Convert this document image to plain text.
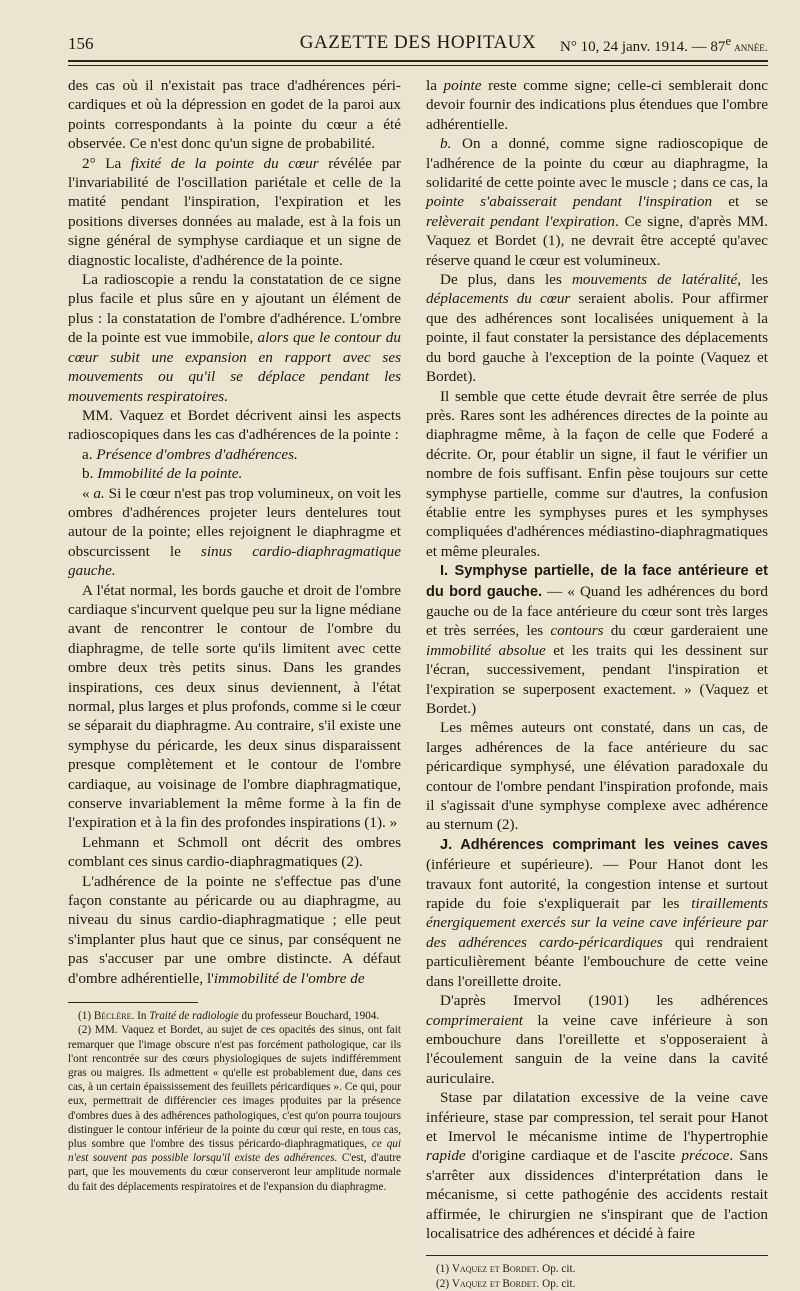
156	GAZETTE DES HOPITAUX	N° 10, 24 janv. 1914. — 87e année.

des cas où il n'existait pas trace d'adhérences péri-cardiques et où la dépression en godet de la paroi aux points correspondants à la pointe du cœur a été observée. Ce n'est donc qu'un signe de probabilité.

2° La fixité de la pointe du cœur révélée par l'invariabilité de l'oscillation pariétale et celle de la matité pendant l'inspiration, l'expiration et les positions diverses données au malade, est à la fois un signe général de symphyse cardiaque et un signe de diagnostic localiste, d'adhérence de la pointe.

La radioscopie a rendu la constatation de ce signe plus facile et plus sûre en y ajoutant un élément de plus : la constatation de l'ombre d'adhérence. L'ombre de la pointe est vue immobile, alors que le contour du cœur subit une expansion en rapport avec ses mouvements ou qu'il se déplace pendant les mouvements respiratoires.

MM. Vaquez et Bordet décrivent ainsi les aspects radioscopiques dans les cas d'adhérences de la pointe :

a. Présence d'ombres d'adhérences.

b. Immobilité de la pointe.

« a. Si le cœur n'est pas trop volumineux, on voit les ombres d'adhérences projeter leurs dentelures tout autour de la pointe; elles rejoignent le diaphragme et obscurcissent le sinus cardio-diaphragmatique gauche.

A l'état normal, les bords gauche et droit de l'ombre cardiaque s'incurvent quelque peu sur la ligne médiane avant de rencontrer le contour de l'ombre du diaphragme, de telle sorte qu'ils limitent avec cette ombre deux très petits sinus. Dans les grandes inspirations, ces deux sinus deviennent, à l'état normal, plus larges et plus profonds, comme si le cœur se séparait du diaphragme. Au contraire, s'il existe une symphyse du péricarde, les deux sinus disparaissent presque complètement et le contour de l'ombre cardiaque, au voisinage de l'ombre diaphragmatique, conserve invariablement la même forme à la fin de l'expiration et à la fin des profondes inspirations (1). »

Lehmann et Schmoll ont décrit des ombres comblant ces sinus cardio-diaphragmatiques (2).

L'adhérence de la pointe ne s'effectue pas d'une façon constante au péricarde ou au diaphragme, au niveau du sinus cardio-diaphragmatique ; elle peut s'implanter plus haut que ce sinus, par conséquent ne pas s'accuser par une ombre distincte. A défaut d'ombre adhérentielle, l'immobilité de l'ombre de

(1) Béclère. In Traité de radiologie du professeur Bouchard, 1904.

(2) MM. Vaquez et Bordet, au sujet de ces opacités des sinus, ont fait remarquer que l'image obscure n'est pas forcément pathologique, car ils l'ont rencontrée sur des cœurs physiologiques de sujets indifféremment gras ou maigres. Ils admettent « qu'elle est probablement due, dans ces cas, à un certain épaississement des feuillets péricardiques ». Ce qui, pour eux, permettrait de différencier ces images produites par la présence d'ombres dues à des adhérences pathologiques, c'est qu'on pourra toujours distinguer le contour inférieur de la pointe du cœur qui reste, en tous cas, plus sombre que l'ombre des tissus péricardo-diaphragmatiques, ce qui n'est souvent pas possible lorsqu'il existe des adhérences. C'est, d'autre part, que les mouvements du cœur conserveront leur amplitude normale du fait des déplacements respiratoires et de l'expansion du diaphragme.

la pointe reste comme signe; celle-ci semblerait donc devoir fournir des indications plus étendues que l'ombre adhérentielle.

b. On a donné, comme signe radioscopique de l'adhérence de la pointe du cœur au diaphragme, la solidarité de cette pointe avec le muscle ; dans ce cas, la pointe s'abaisserait pendant l'inspiration et se relèverait pendant l'expiration. Ce signe, d'après MM. Vaquez et Bordet (1), ne devrait être accepté qu'avec réserve quand le cœur est volumineux.

De plus, dans les mouvements de latéralité, les déplacements du cœur seraient abolis. Pour affirmer que des adhérences sont localisées uniquement à la pointe, il faut constater la persistance des déplacements du bord gauche à l'exception de la pointe (Vaquez et Bordet).

Il semble que cette étude devrait être serrée de plus près. Rares sont les adhérences directes de la pointe au diaphragme même, à la façon de celle que Foderé a décrite. Or, pour établir un signe, il faut le vérifier un nombre de fois suffisant. Enfin pèse toujours sur cette symphyse partielle, comme sur d'autres, la confusion établie entre les symphyses pures et les symphyses compliquées d'adhérences médiastino-diaphragmatiques et même pleurales.

I. Symphyse partielle, de la face antérieure et du bord gauche. — « Quand les adhérences du bord gauche ou de la face antérieure du cœur sont très larges et très serrées, les contours du cœur garderaient une immobilité absolue et les traits qui les dessinent sur l'écran, successivement, pendant l'inspiration et l'expiration se superposent exactement. » (Vaquez et Bordet.)

Les mêmes auteurs ont constaté, dans un cas, de larges adhérences de la face antérieure du sac péricardique symphysé, une élévation paradoxale du contour de l'ombre pendant l'inspiration profonde, mais il s'agissait d'une symphyse complexe avec adhérence au sternum (2).

J. Adhérences comprimant les veines caves (inférieure et supérieure). — Pour Hanot dont les travaux font autorité, la congestion intense et surtout rapide du foie s'expliquerait par les tiraillements énergiquement exercés sur la veine cave inférieure par des adhérences cardo-péricardiques qui rendraient particulièrement béante l'embouchure de cette veine dans l'oreillette droite.

D'après Imervol (1901) les adhérences comprimeraient la veine cave inférieure à son embouchure dans l'oreillette et s'opposeraient à l'écoulement sanguin de la veine dans la cavité auriculaire.

Stase par dilatation excessive de la veine cave inférieure, stase par compression, tel serait pour Hanot et Imervol le mécanisme intime de l'hypertrophie rapide d'origine cardiaque et de l'ascite précoce. Sans s'arrêter aux dissidences d'interprétation dans le mécanisme, si cette pathogénie des accidents restait affirmée, le chirurgien ne s'inspirant que de l'action localisatrice des adhérences et décidé à faire

(1) Vaquez et Bordet. Op. cit.

(2) Vaquez et Bordet. Op. cit.
